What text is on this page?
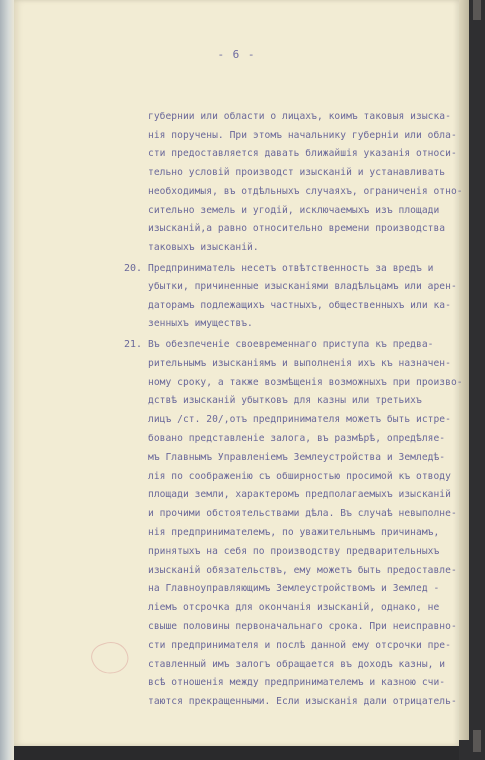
- 6 -
губернии или области о лицахъ, коимъ таковыя изыска-
нія поручены. При этомъ начальнику губерніи или обла-
сти предоставляется давать ближайшія указанія относи-
тельно условій производст изысканій и устанавливать
необходимыя, въ отдѣльныхъ случаяхъ, ограниченія отно-
сительно земель и угодій, исключаемыхъ изъ площади
изысканій,а равно относительно времени производства
таковыхъ изысканій.
20. Предприниматель несетъ отвѣтственность за вредъ и
убытки, причиненные изысканіями владѣльцамъ или арен-
даторамъ подлежащихъ частныхъ, общественныхъ или ка-
зенныхъ имуществъ.
21. Въ обезпеченіе своевременнаго приступа къ предва-
рительнымъ изысканіямъ и выполненія ихъ къ назначен-
ному сроку, а также возмѣщенія возможныхъ при произво-
дствѣ изысканій убытковъ для казны или третьихъ
лицъ /ст. 20/,отъ предпринимателя можетъ быть истре-
бовано представленіе залога, въ размѣрѣ, опредѣляе-
мъ Главнымъ Управленіемъ Землеустройства и Земледѣ-
лія по соображенію съ обширностью просимой къ отводу
площади земли, характеромъ предполагаемыхъ изысканій
и прочими обстоятельствами дѣла. Въ случаѣ невыполне-
нія предпринимателемъ, по уважительнымъ причинамъ,
принятыхъ на себя по производству предварительныхъ
изысканій обязательствъ, ему можетъ быть предоставле-
на Главноуправляющимъ Землеустройствомъ и Землед -
ліемъ отсрочка для окончанія изысканій, однако, не
свыше половины первоначальнаго срока. При неисправно-
сти предпринимателя и послѣ данной ему отсрочки пре-
ставленный имъ залогъ обращается въ доходъ казны, и
всѣ отношенія между предпринимателемъ и казною счи-
таются прекращенными. Если изысканія дали отрицатель-
